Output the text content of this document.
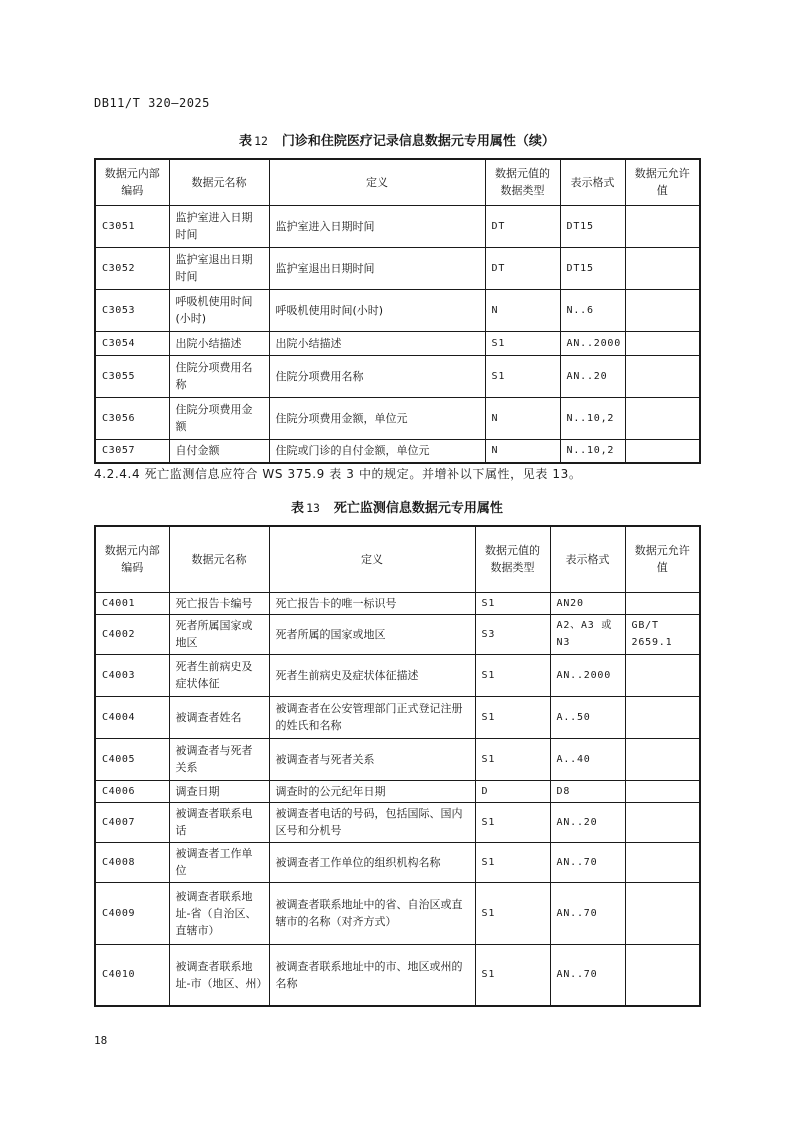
DB11/T 320—2025
表 12 门诊和住院医疗记录信息数据元专用属性（续）
数据元内部编码	数据元名称	定义	数据元值的数据类型	表示格式	数据元允许值
C3051	监护室进入日期时间	监护室进入日期时间	DT	DT15	
C3052	监护室退出日期时间	监护室退出日期时间	DT	DT15	
C3053	呼吸机使用时间(小时)	呼吸机使用时间(小时)	N	N..6	
C3054	出院小结描述	出院小结描述	S1	AN..2000	
C3055	住院分项费用名称	住院分项费用名称	S1	AN..20	
C3056	住院分项费用金额	住院分项费用金额，单位元	N	N..10,2	
C3057	自付金额	住院或门诊的自付金额，单位元	N	N..10,2	
4.2.4.4 死亡监测信息应符合 WS 375.9 表 3 中的规定。并增补以下属性，见表 13。
表 13 死亡监测信息数据元专用属性
数据元内部编码	数据元名称	定义	数据元值的数据类型	表示格式	数据元允许值
C4001	死亡报告卡编号	死亡报告卡的唯一标识号	S1	AN20	
C4002	死者所属国家或地区	死者所属的国家或地区	S3	A2、A3 或 N3	GB/T 2659.1
C4003	死者生前病史及症状体征	死者生前病史及症状体征描述	S1	AN..2000	
C4004	被调查者姓名	被调查者在公安管理部门正式登记注册的姓氏和名称	S1	A..50	
C4005	被调查者与死者关系	被调查者与死者关系	S1	A..40	
C4006	调查日期	调查时的公元纪年日期	D	D8	
C4007	被调查者联系电话	被调查者电话的号码，包括国际、国内区号和分机号	S1	AN..20	
C4008	被调查者工作单位	被调查者工作单位的组织机构名称	S1	AN..70	
C4009	被调查者联系地址-省（自治区、直辖市）	被调查者联系地址中的省、自治区或直辖市的名称（对齐方式）	S1	AN..70	
C4010	被调查者联系地址-市（地区、州）	被调查者联系地址中的市、地区或州的名称	S1	AN..70	
18
